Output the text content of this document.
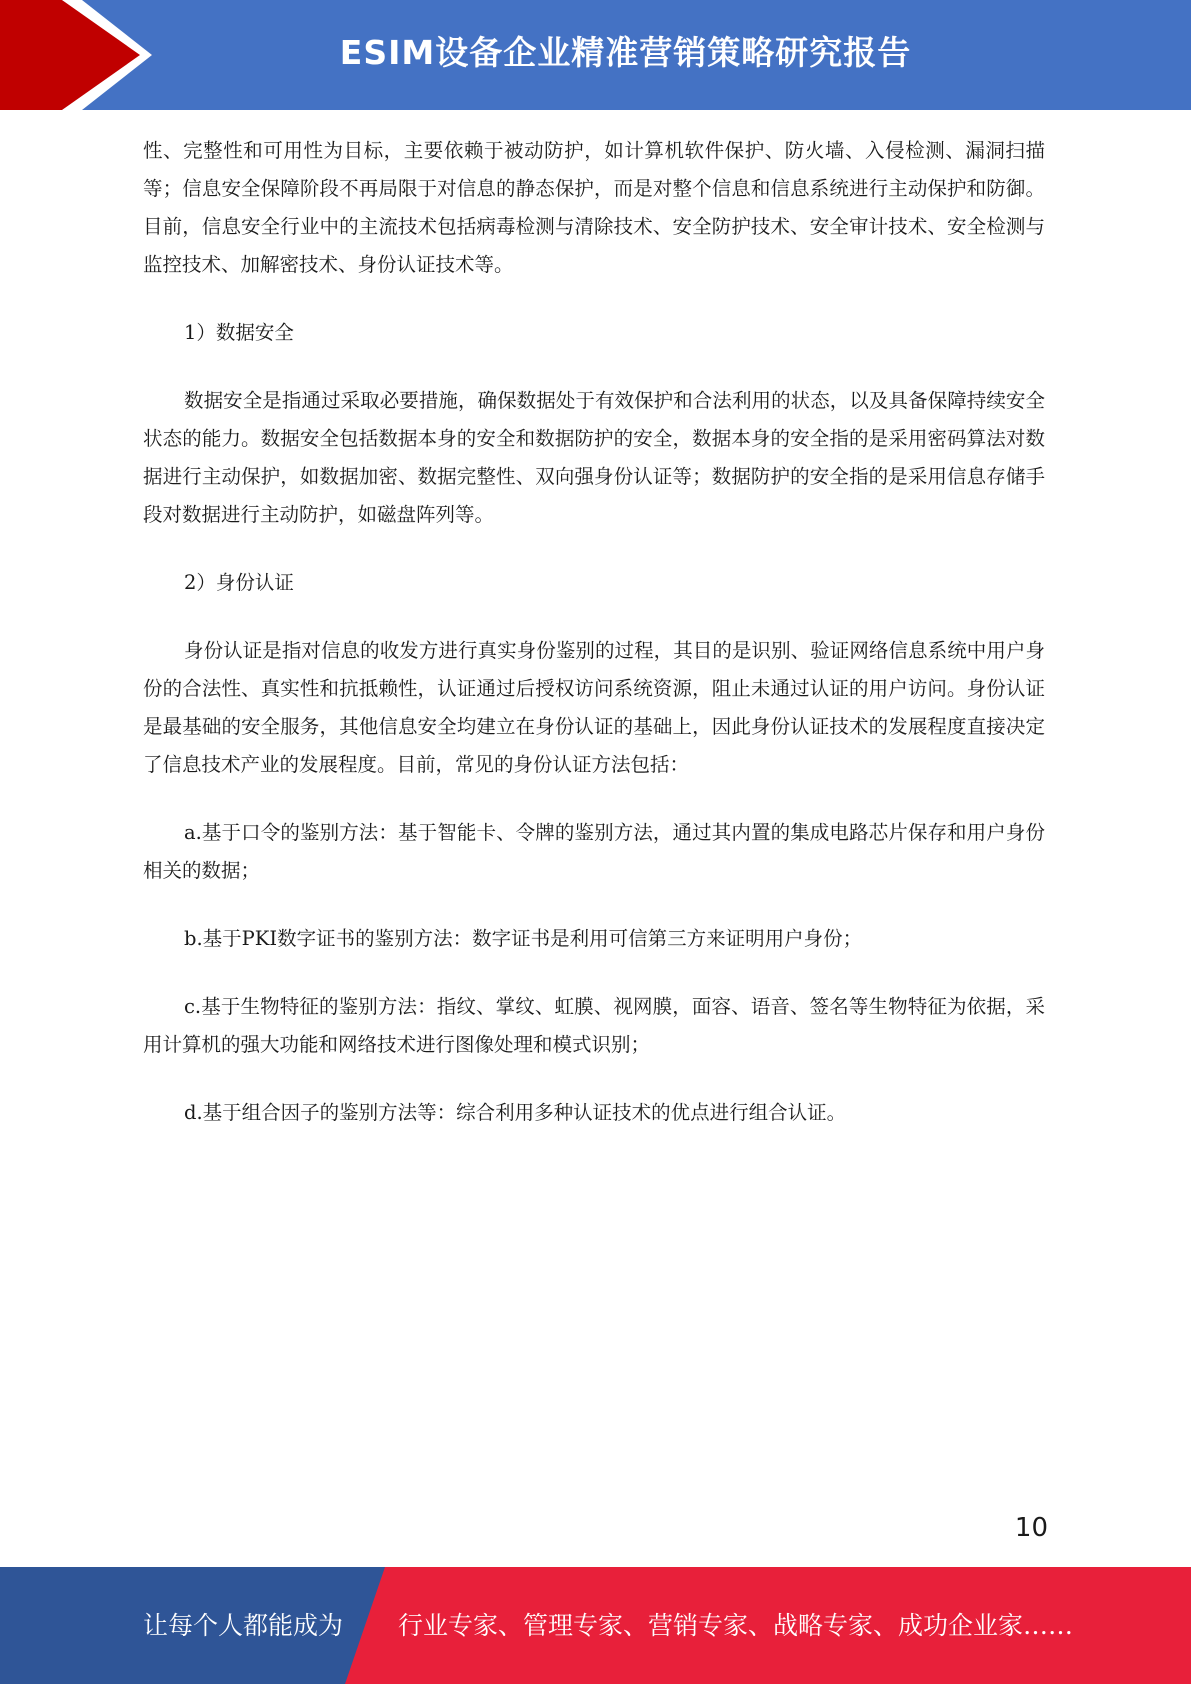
ESIM设备企业精准营销策略研究报告

性、完整性和可用性为目标，主要依赖于被动防护，如计算机软件保护、防火墙、入侵检测、漏洞扫描等；信息安全保障阶段不再局限于对信息的静态保护，而是对整个信息和信息系统进行主动保护和防御。目前，信息安全行业中的主流技术包括病毒检测与清除技术、安全防护技术、安全审计技术、安全检测与监控技术、加解密技术、身份认证技术等。

1）数据安全

数据安全是指通过采取必要措施，确保数据处于有效保护和合法利用的状态，以及具备保障持续安全状态的能力。数据安全包括数据本身的安全和数据防护的安全，数据本身的安全指的是采用密码算法对数据进行主动保护，如数据加密、数据完整性、双向强身份认证等；数据防护的安全指的是采用信息存储手段对数据进行主动防护，如磁盘阵列等。

2）身份认证

身份认证是指对信息的收发方进行真实身份鉴别的过程，其目的是识别、验证网络信息系统中用户身份的合法性、真实性和抗抵赖性，认证通过后授权访问系统资源，阻止未通过认证的用户访问。身份认证是最基础的安全服务，其他信息安全均建立在身份认证的基础上，因此身份认证技术的发展程度直接决定了信息技术产业的发展程度。目前，常见的身份认证方法包括：

a.基于口令的鉴别方法：基于智能卡、令牌的鉴别方法，通过其内置的集成电路芯片保存和用户身份相关的数据；

b.基于PKI数字证书的鉴别方法：数字证书是利用可信第三方来证明用户身份；

c.基于生物特征的鉴别方法：指纹、掌纹、虹膜、视网膜，面容、语音、签名等生物特征为依据，采用计算机的强大功能和网络技术进行图像处理和模式识别；

d.基于组合因子的鉴别方法等：综合利用多种认证技术的优点进行组合认证。

10
让每个人都能成为 行业专家、管理专家、营销专家、战略专家、成功企业家……
